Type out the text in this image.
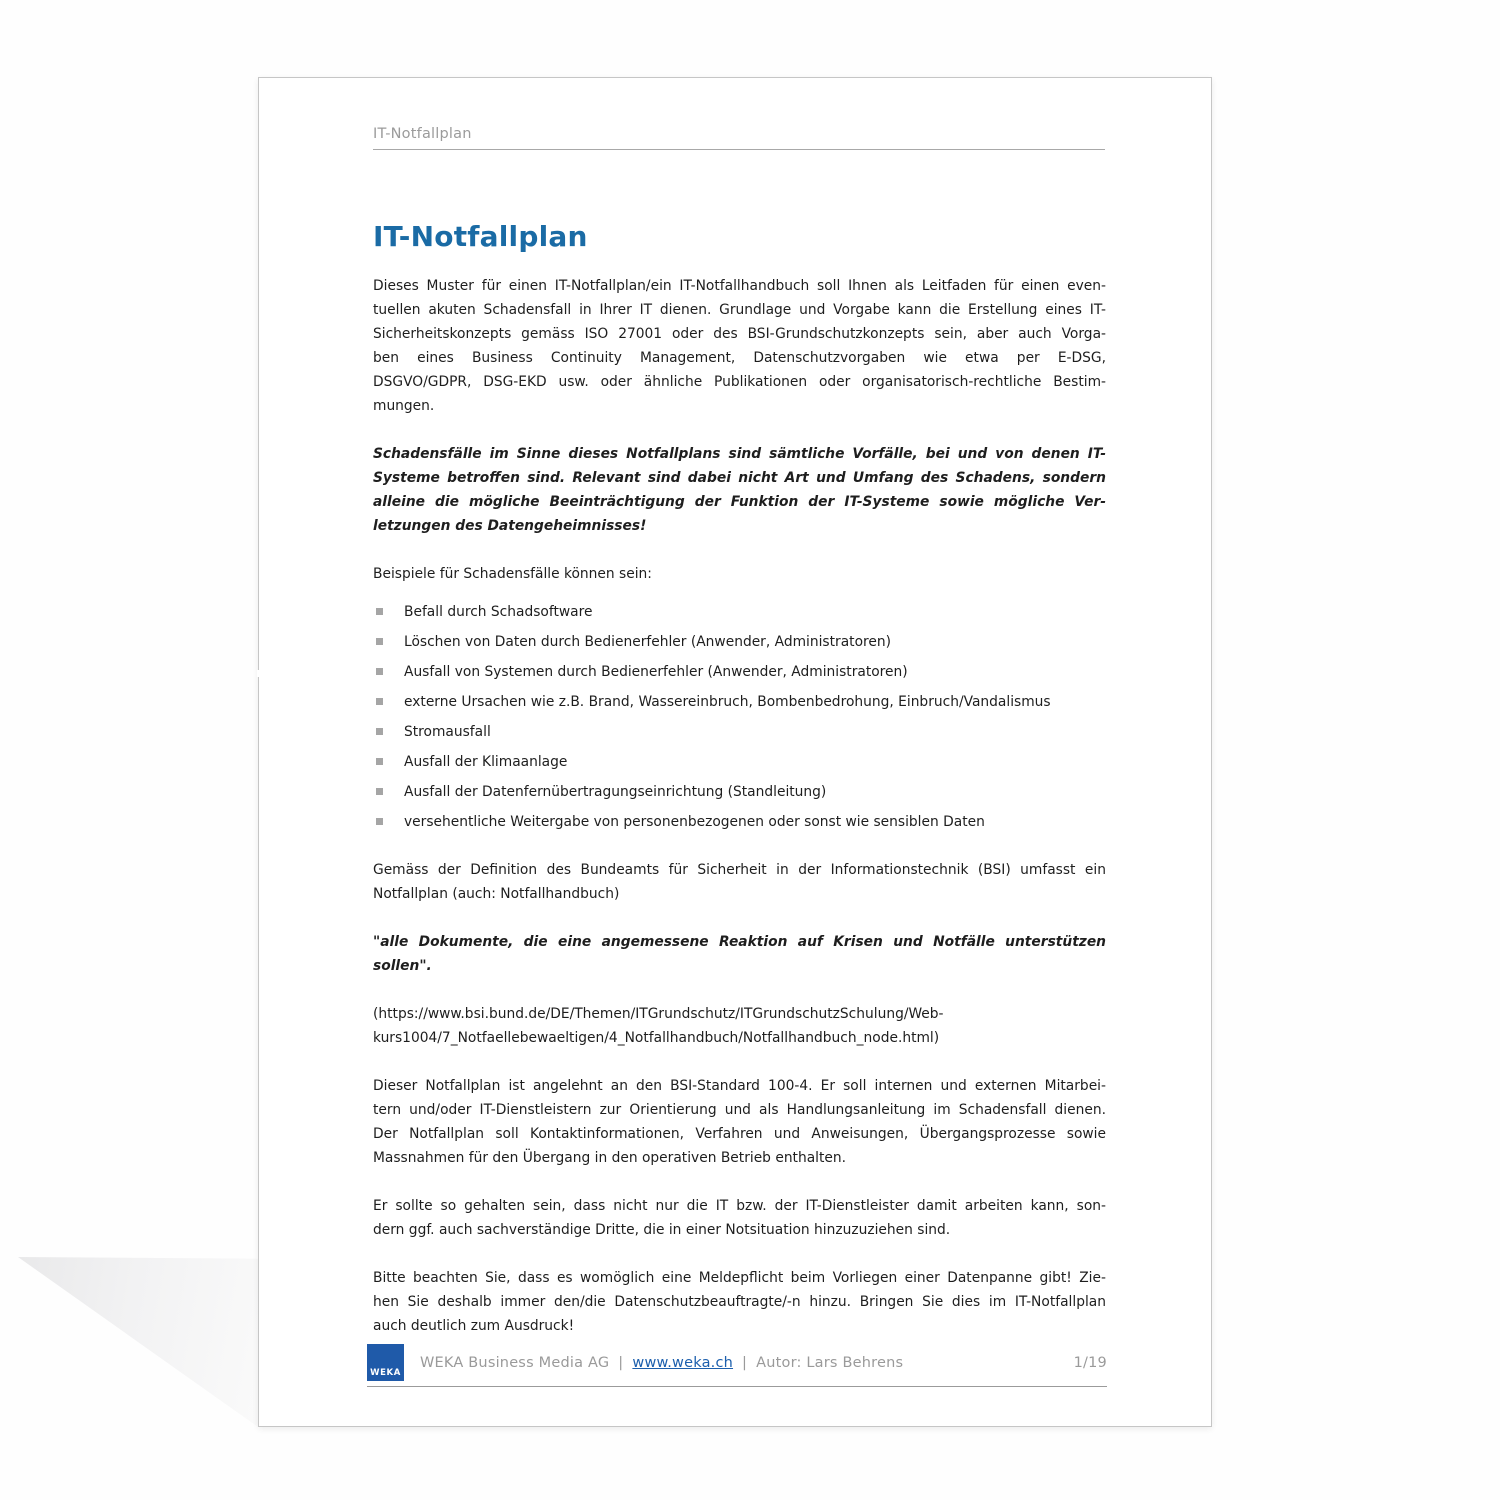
IT-Notfallplan
IT-Notfallplan
Dieses Muster für einen IT-Notfallplan/ein IT-Notfallhandbuch soll Ihnen als Leitfaden für einen even-
tuellen akuten Schadensfall in Ihrer IT dienen. Grundlage und Vorgabe kann die Erstellung eines IT-
Sicherheitskonzepts gemäss ISO 27001 oder des BSI-Grundschutzkonzepts sein, aber auch Vorga-
ben eines Business Continuity Management, Datenschutzvorgaben wie etwa per E-DSG,
DSGVO/GDPR, DSG-EKD usw. oder ähnliche Publikationen oder organisatorisch-rechtliche Bestim-
mungen.
Schadensfälle im Sinne dieses Notfallplans sind sämtliche Vorfälle, bei und von denen IT-
Systeme betroffen sind. Relevant sind dabei nicht Art und Umfang des Schadens, sondern
alleine die mögliche Beeinträchtigung der Funktion der IT-Systeme sowie mögliche Ver-
letzungen des Datengeheimnisses!
Beispiele für Schadensfälle können sein:
Befall durch Schadsoftware
Löschen von Daten durch Bedienerfehler (Anwender, Administratoren)
Ausfall von Systemen durch Bedienerfehler (Anwender, Administratoren)
externe Ursachen wie z.B. Brand, Wassereinbruch, Bombenbedrohung, Einbruch/Vandalismus
Stromausfall
Ausfall der Klimaanlage
Ausfall der Datenfernübertragungseinrichtung (Standleitung)
versehentliche Weitergabe von personenbezogenen oder sonst wie sensiblen Daten
Gemäss der Definition des Bundeamts für Sicherheit in der Informationstechnik (BSI) umfasst ein
Notfallplan (auch: Notfallhandbuch)
"alle Dokumente, die eine angemessene Reaktion auf Krisen und Notfälle unterstützen
sollen".
(https://www.bsi.bund.de/DE/Themen/ITGrundschutz/ITGrundschutzSchulung/Web-
kurs1004/7_Notfaellebewaeltigen/4_Notfallhandbuch/Notfallhandbuch_node.html)
Dieser Notfallplan ist angelehnt an den BSI-Standard 100-4. Er soll internen und externen Mitarbei-
tern und/oder IT-Dienstleistern zur Orientierung und als Handlungsanleitung im Schadensfall dienen.
Der Notfallplan soll Kontaktinformationen, Verfahren und Anweisungen, Übergangsprozesse sowie
Massnahmen für den Übergang in den operativen Betrieb enthalten.
Er sollte so gehalten sein, dass nicht nur die IT bzw. der IT-Dienstleister damit arbeiten kann, son-
dern ggf. auch sachverständige Dritte, die in einer Notsituation hinzuzuziehen sind.
Bitte beachten Sie, dass es womöglich eine Meldepflicht beim Vorliegen einer Datenpanne gibt! Zie-
hen Sie deshalb immer den/die Datenschutzbeauftragte/-n hinzu. Bringen Sie dies im IT-Notfallplan
auch deutlich zum Ausdruck!
WEKA
WEKA Business Media AG | www.weka.ch | Autor: Lars Behrens	1/19
